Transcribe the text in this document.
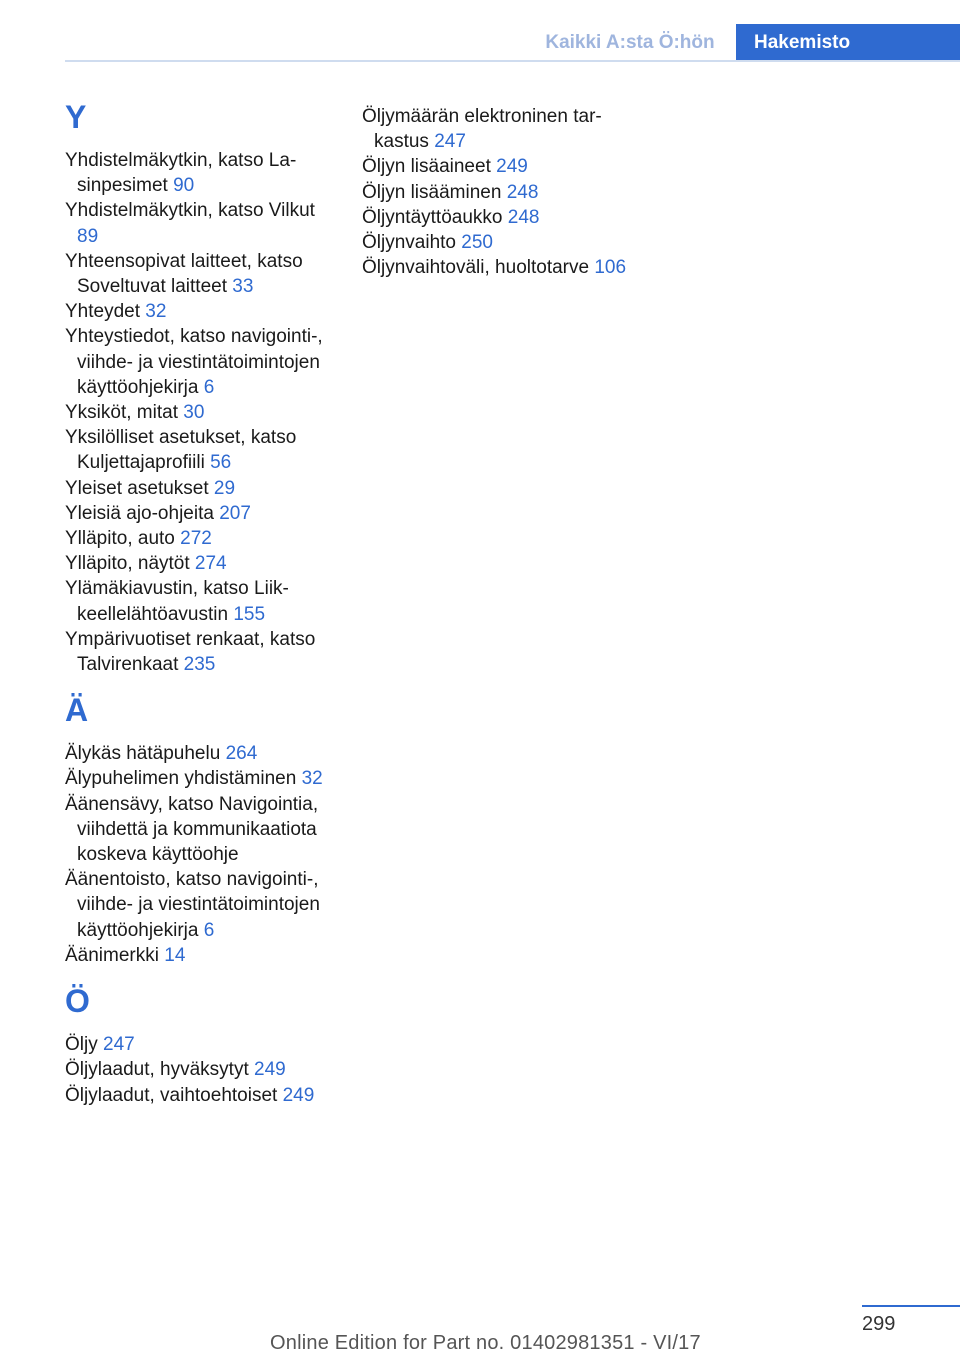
Kaikki A:sta Ö:hön	Hakemisto
Y
Yhdistelmäkytkin, katso Lasinpesimet 90
Yhdistelmäkytkin, katso Vilkut 89
Yhteensopivat laitteet, katso Soveltuvat laitteet 33
Yhteydet 32
Yhteystiedot, katso navigointi-, viihde- ja viestintätoimintojen käyttöohjekirja 6
Yksiköt, mitat 30
Yksilölliset asetukset, katso Kuljettajaprofiili 56
Yleiset asetukset 29
Yleisiä ajo-ohjeita 207
Ylläpito, auto 272
Ylläpito, näytöt 274
Ylämäkiavustin, katso Liikkeellelähtöavustin 155
Ympärivuotiset renkaat, katso Talvirenkaat 235
Ä
Älykäs hätäpuhelu 264
Älypuhelimen yhdistäminen 32
Äänensävy, katso Navigointia, viihdettä ja kommunikaatiota koskeva käyttöohje
Äänentoisto, katso navigointi-, viihde- ja viestintätoimintojen käyttöohjekirja 6
Äänimerkki 14
Ö
Öljy 247
Öljylaadut, hyväksytyt 249
Öljylaadut, vaihtoehtoiset 249
Öljymäärän elektroninen tarkastus 247
Öljyn lisäaineet 249
Öljyn lisääminen 248
Öljyntäyttöaukko 248
Öljynvaihto 250
Öljynvaihtoväli, huoltotarve 106
299
Online Edition for Part no. 01402981351 - VI/17
